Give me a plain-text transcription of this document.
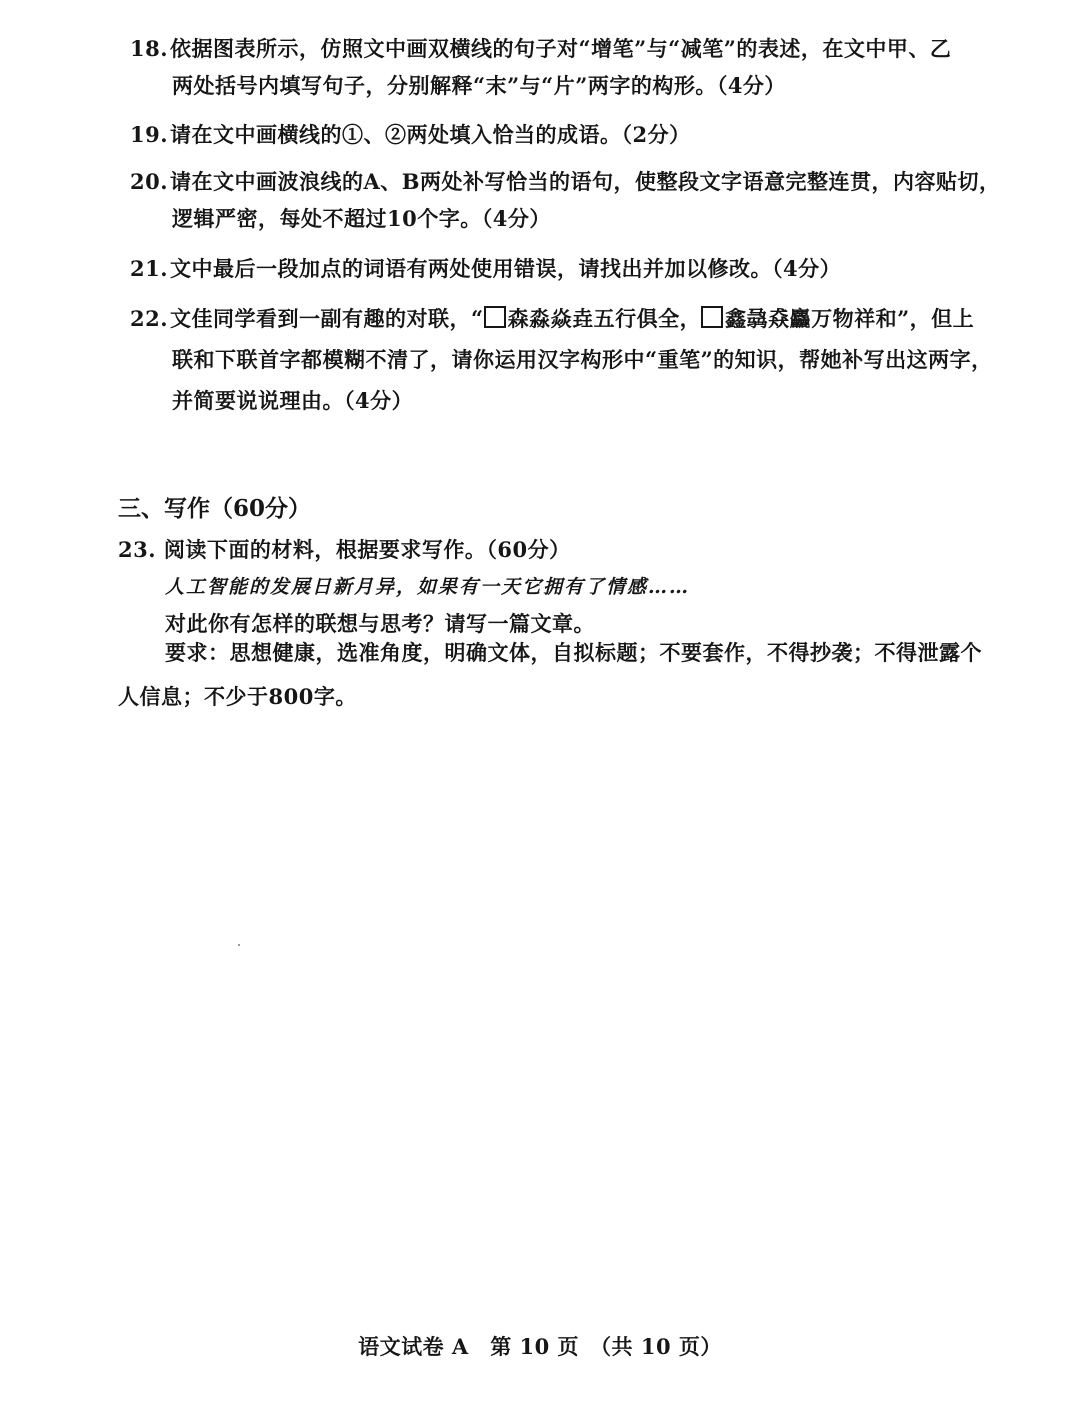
18.依据图表所示，仿照文中画双横线的句子对“增笔”与“减笔”的表述，在文中甲、乙
两处括号内填写句子，分别解释“末”与“片”两字的构形。（4分）
19.请在文中画横线的①、②两处填入恰当的成语。（2分）
20.请在文中画波浪线的A、B两处补写恰当的语句，使整段文字语意完整连贯，内容贴切，
逻辑严密，每处不超过10个字。（4分）
21.文中最后一段加点的词语有两处使用错误，请找出并加以修改。（4分）
22.文佳同学看到一副有趣的对联，“ 森淼焱垚五行俱全， 鑫骉猋麤万物祥和”，但上
联和下联首字都模糊不清了，请你运用汉字构形中“重笔”的知识，帮她补写出这两字，
并简要说说理由。（4分）
三、写作（60分）
23. 阅读下面的材料，根据要求写作。（60分）
人工智能的发展日新月异，如果有一天它拥有了情感……
对此你有怎样的联想与思考？请写一篇文章。
要求：思想健康，选准角度，明确文体，自拟标题；不要套作，不得抄袭；不得泄露个
人信息；不少于800字。
语文试卷 A　第 10 页　（共 10 页）
